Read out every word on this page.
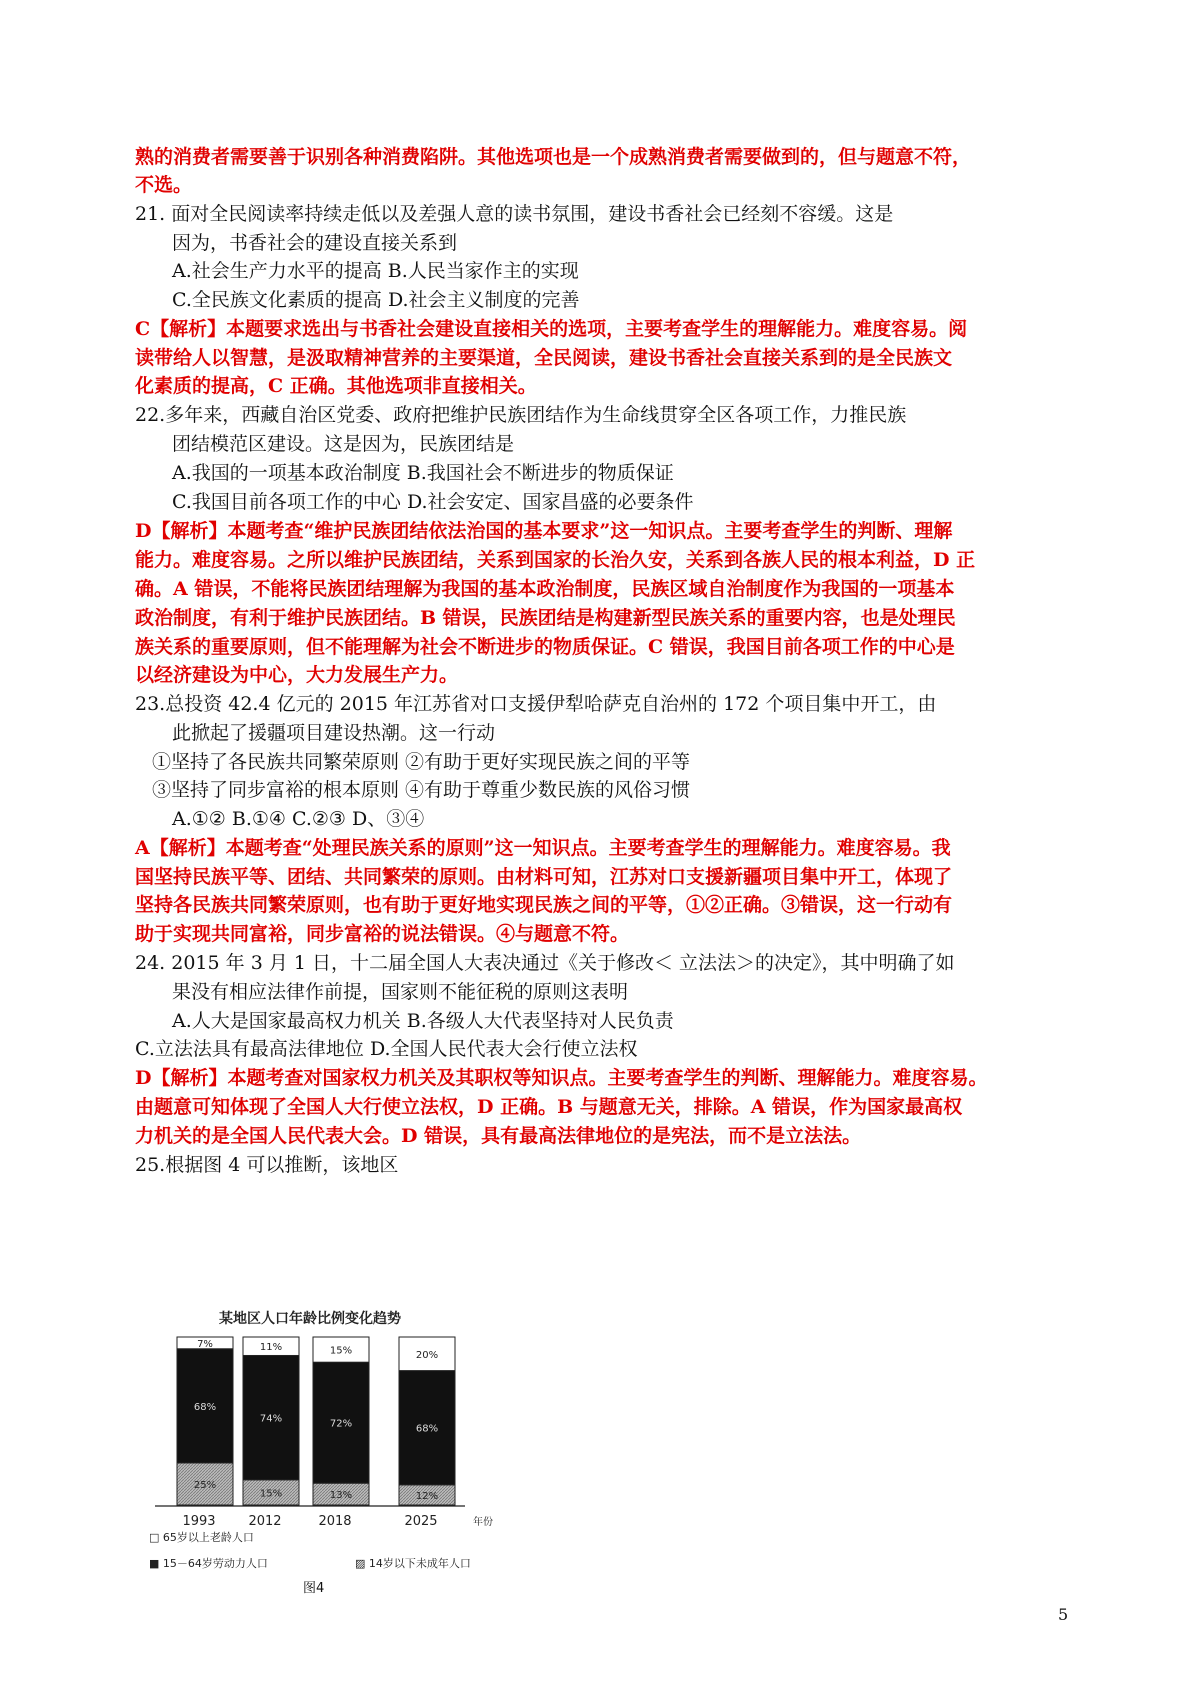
熟的消费者需要善于识别各种消费陷阱。其他选项也是一个成熟消费者需要做到的，但与题意不符，
不选。
21. 面对全民阅读率持续走低以及差强人意的读书氛围，建设书香社会已经刻不容缓。这是
因为，书香社会的建设直接关系到
A.社会生产力水平的提高 B.人民当家作主的实现
C.全民族文化素质的提高 D.社会主义制度的完善
C【解析】本题要求选出与书香社会建设直接相关的选项，主要考查学生的理解能力。难度容易。阅
读带给人以智慧，是汲取精神营养的主要渠道，全民阅读，建设书香社会直接关系到的是全民族文
化素质的提高，C 正确。其他选项非直接相关。
22.多年来，西藏自治区党委、政府把维护民族团结作为生命线贯穿全区各项工作，力推民族
团结模范区建设。这是因为，民族团结是
A.我国的一项基本政治制度 B.我国社会不断进步的物质保证
C.我国目前各项工作的中心 D.社会安定、国家昌盛的必要条件
D【解析】本题考查“维护民族团结依法治国的基本要求”这一知识点。主要考查学生的判断、理解
能力。难度容易。之所以维护民族团结，关系到国家的长治久安，关系到各族人民的根本利益，D 正
确。A 错误，不能将民族团结理解为我国的基本政治制度，民族区域自治制度作为我国的一项基本
政治制度，有利于维护民族团结。B 错误，民族团结是构建新型民族关系的重要内容，也是处理民
族关系的重要原则，但不能理解为社会不断进步的物质保证。C 错误，我国目前各项工作的中心是
以经济建设为中心，大力发展生产力。
23.总投资 42.4 亿元的 2015 年江苏省对口支援伊犁哈萨克自治州的 172 个项目集中开工，由
此掀起了援疆项目建设热潮。这一行动
①坚持了各民族共同繁荣原则 ②有助于更好实现民族之间的平等
③坚持了同步富裕的根本原则 ④有助于尊重少数民族的风俗习惯
A.①② B.①④ C.②③ D、③④
A【解析】本题考查“处理民族关系的原则”这一知识点。主要考查学生的理解能力。难度容易。我
国坚持民族平等、团结、共同繁荣的原则。由材料可知，江苏对口支援新疆项目集中开工，体现了
坚持各民族共同繁荣原则，也有助于更好地实现民族之间的平等，①②正确。③错误，这一行动有
助于实现共同富裕，同步富裕的说法错误。④与题意不符。
24. 2015 年 3 月 1 日，十二届全国人大表决通过《关于修改＜ 立法法＞的决定》，其中明确了如
果没有相应法律作前提，国家则不能征税的原则这表明
A.人大是国家最高权力机关 B.各级人大代表坚持对人民负责
C.立法法具有最高法律地位 D.全国人民代表大会行使立法权
D【解析】本题考查对国家权力机关及其职权等知识点。主要考查学生的判断、理解能力。难度容易。
由题意可知体现了全国人大行使立法权，D 正确。B 与题意无关，排除。A 错误，作为国家最高权
力机关的是全国人民代表大会。D 错误，具有最高法律地位的是宪法，而不是立法法。
25.根据图 4 可以推断，该地区
某地区人口年龄比例变化趋势
25%
68%
7%
1993
15%
74%
11%
2012
13%
72%
15%
2018
12%
68%
20%
2025	年份
□ 65岁以上老龄人口
■ 15－64岁劳动力人口	▨ 14岁以下未成年人口
5
图4
